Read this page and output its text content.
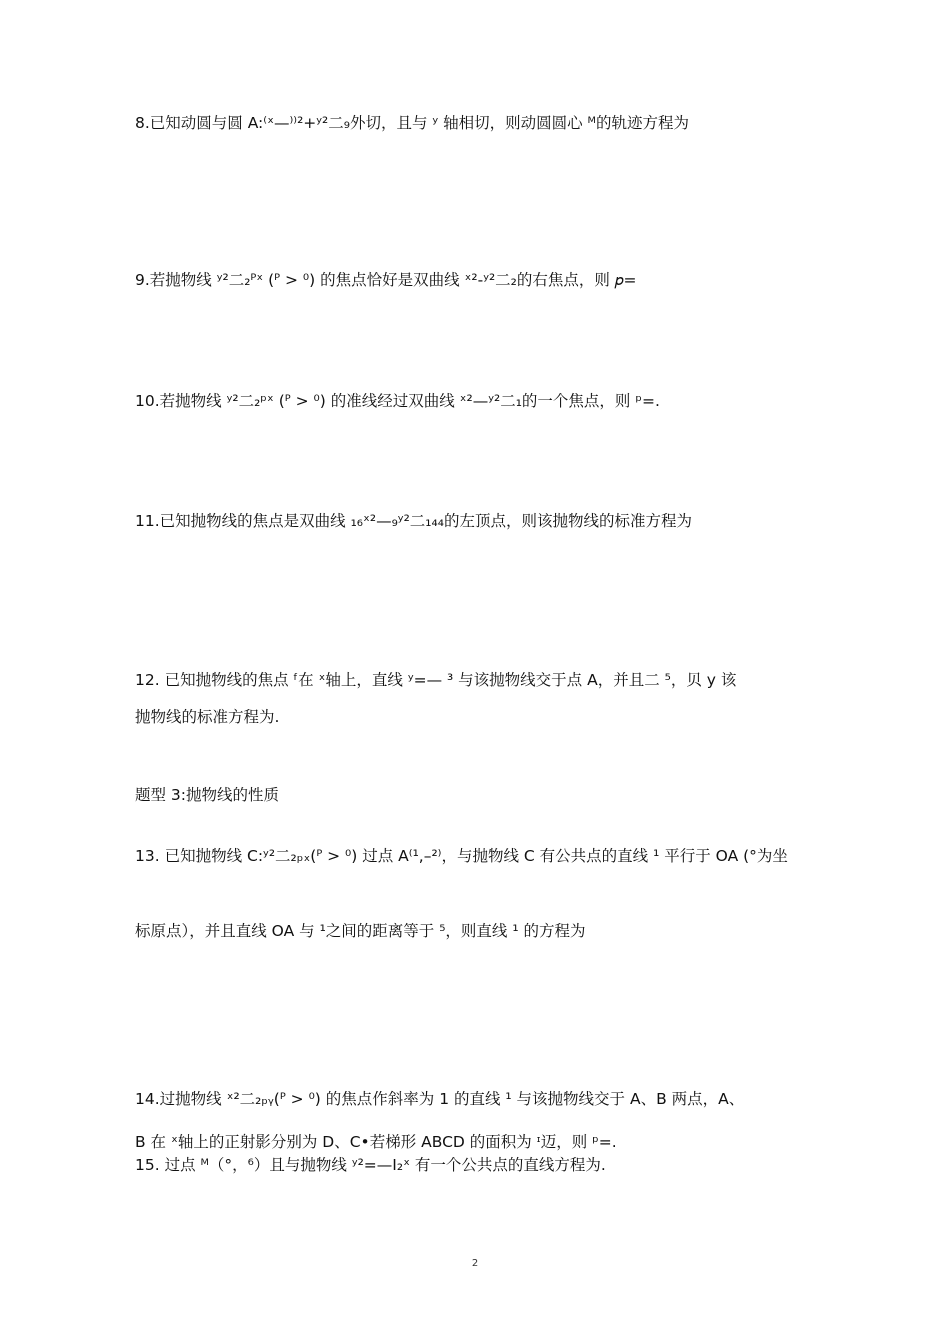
8.已知动圆与圆 A:⁽ˣ—⁾⁾²+ʸ²二₉外切，且与 ʸ 轴相切，则动圆圆心 ᴹ的轨迹方程为
9.若抛物线 ʸ²二₂ᴾˣ (ᴾ > ⁰) 的焦点恰好是双曲线 ˣ²-ʸ²二₂的右焦点，则 𝑝=
10.若抛物线 ʸ²二₂ᵖˣ (ᴾ > ⁰) 的准线经过双曲线 ˣ²—ʸ²二₁的一个焦点，则 ᵖ=.
11.已知抛物线的焦点是双曲线 ₁₆ˣ²—₉ʸ²二₁₄₄的左顶点，则该抛物线的标准方程为
12. 已知抛物线的焦点 ᶠ在 ˣ轴上，直线 ʸ=— ³ 与该抛物线交于点 A，并且二 ⁵，贝 y 该
抛物线的标准方程为.
题型 3:抛物线的性质
13. 已知抛物线 C:ʸ²二₂ₚₓ(ᴾ > ⁰) 过点 A⁽¹,–²⁾，与抛物线 C 有公共点的直线 ¹ 平行于 OA (°为坐
标原点），并且直线 OA 与 ¹之间的距离等于 ⁵，则直线 ¹ 的方程为
14.过抛物线 ˣ²二₂ₚᵧ(ᴾ > ⁰) 的焦点作斜率为 1 的直线 ¹ 与该抛物线交于 A、B 两点，A、
B 在 ˣ轴上的正射影分别为 D、C•若梯形 ABCD 的面积为 ᶦ迈，则 ᵖ=.
15. 过点 ᴹ（°，⁶）且与抛物线 ʸ²=—Ⅰ₂ˣ 有一个公共点的直线方程为.
2
